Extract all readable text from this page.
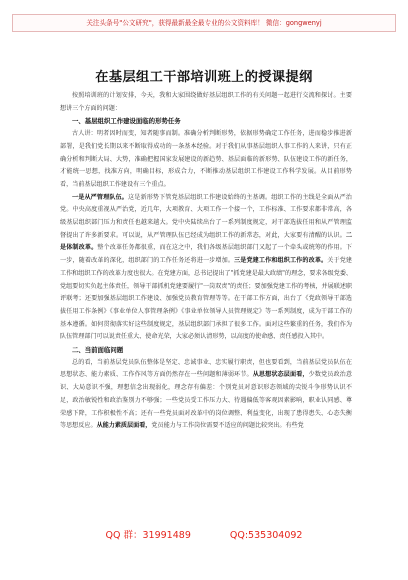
关注头条号"公文研究"，获得最新最全最专业的公文资料库！ 微信：gongwenyj
在基层组工干部培训班上的授课提纲

按照培训班的计划安排，今天，我和大家围绕做好基层组织工作的有关问题一起进行交流和探讨。主要想讲三个方面的问题：

一、基层组织工作建设面临的形势任务

古人讲：明者因时而变，知者随事而制。准确分析判断形势，依据形势确定工作任务，进而稳步推进新部署，是我们党长期以来不断取得成功的一条基本经验。对于我们从事基层组织人事工作的人来讲，只有正确分析和判断大局、大势，准确把握国家发展建设的新趋势、基层面临的新形势、队伍建设工作的新任务，才能统一思想，找准方向，明确目标，形成合力，不断推动基层组织工作建设工作科学发展。从目前形势看，当前基层组织工作建设有三个重点。

一是从严管理队伍。这是新形势下管党基层组织工作建设始终的主基调。组织工作的主线是全面从严治党。中央高度重视从严治党，近几年，大项教育、大项工作一个接一个，工作标准、工作要求都非常高，各级基层组织部门压力和责任也越来越大。党中央陆续出台了一系列制度规定，对干部选拔任用和从严管理监督提出了许多新要求。可以说，从严管理队伍已经成为组织工作的新常态，对此，大家要有清醒的认识。二是体制改革。整个改革任务都很重，而在这之中，我们各级基层组织部门又起了一个牵头或统筹的作用。下一步，随着改革的深化，组织部门的工作任务还将进一步增加。三是党建工作和组织工作的改革。关于党建工作和组织工作的改革力度也很大。在党建方面，总书记提出了"抓党建是最大政绩"的理念，要求各级党委、党组要切实负起主体责任，领导干部抓机党建要履行"一岗双责"的责任；要加强党建工作的考核，并展联述职评联考；还要加强基层组织工作建设、加强党员教育管理等等。在干部工作方面，出台了《党政领导干部选拔任用工作条例》《事业单位人事管理条例》《事业单位领导人员管理规定》等一系列制度，成为干部工作的基本遵循。如何贯彻落实好这些制度规定，基层组织部门承担了很多工作。面对这些繁重的任务，我们作为队伍管理部门可以说责任重大、使命光荣，大家必须认清形势，以高度的使命感、责任感投入其中。

二、当前面临问题

总的看，当前基层党员队伍整体是坚定、忠诚事业、忠实履行职责，但也要看到，当前基层党员队伍在思想状态、能力素质、工作作风等方面仍然存在一些问题和薄弱环节。从思想状态层面看，少数党员政治意识、大局意识不强，理想信念出现弱化，理念存有偏差：个别党员对意识形态领域的尖锐斗争形势认识不足，政治敏锐性和政治鉴别力不够强；一些党员受工作压力大、待遇偏低等客观因素影响，职业认同感、尊荣感下降，工作积极性不高；还有一些党员面对改革中的岗位调整、利益变化，出现了患得患失、心态失衡等思想反应。从能力素质层面看，党员能力与工作岗位需要不适应的问题比较突出。有些党

QQ 群：31991489	QQ:535304092
